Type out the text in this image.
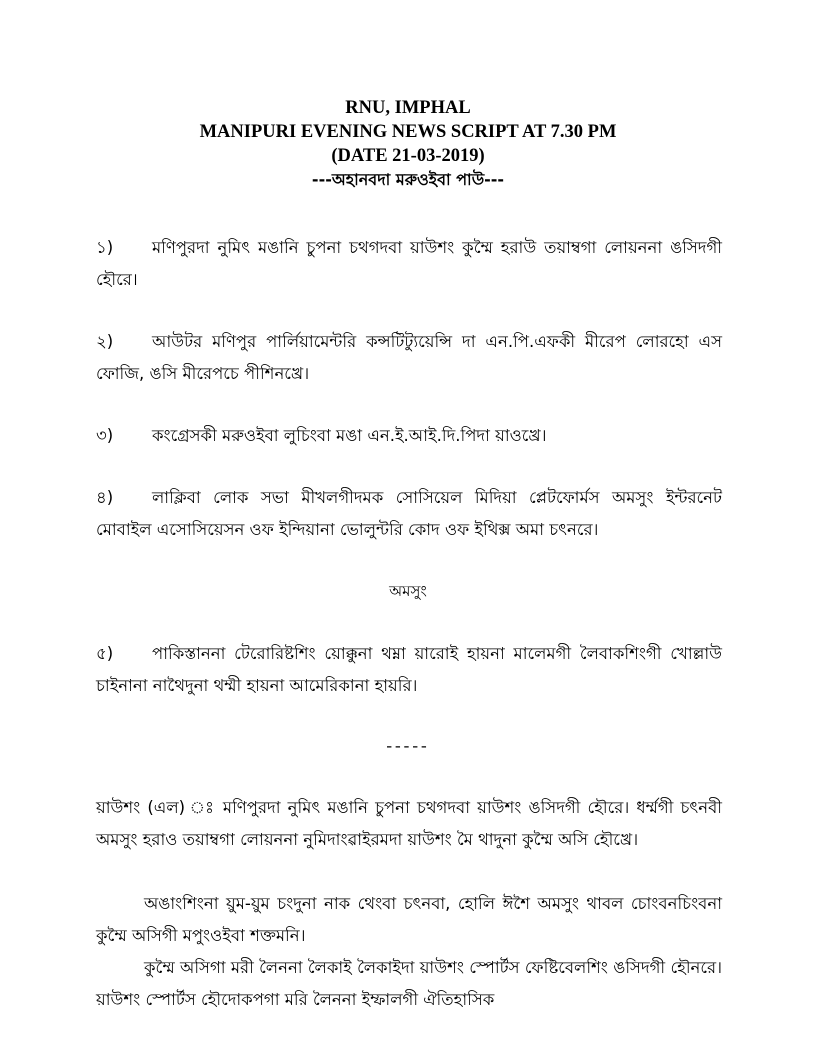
RNU, IMPHAL
MANIPURI EVENING NEWS SCRIPT AT 7.30 PM
(DATE 21-03-2019)
---অহানবদা মরুওইবা পাউ---
১) মণিপুরদা নুমিৎ মঙানি চুপনা চথগদবা য়াউশং কুম্মৈ হরাউ তয়াম্বগা লোয়ননা ঙসিদগী হৌরে।
২) আউটর মণিপুর পার্লিয়ামেন্টরি কন্সটিট্যুয়েন্সি দা এন.পি.এফকী মীরেপ লোরহো এস ফোজি, ঙসি মীরেপচে পীশিনখ্রে।
৩) কংগ্রেসকী মরুওইবা লুচিংবা মঙা এন.ই.আই.দি.পিদা য়াওখ্রে।
৪) লাক্লিবা লোক সভা মীখলগীদমক সোসিয়েল মিদিয়া প্লেটফোর্মস অমসুং ইন্টরনেট মোবাইল এসোসিয়েসন ওফ ইন্দিয়ানা ভোলুন্টরি কোদ ওফ ইথিক্স অমা চৎনরে।
অমসুং
৫) পাকিস্তাননা টেরোরিষ্টশিং য়োক্কুনা থম্না য়ারোই হায়না মালেমগী লৈবাকশিংগী খোল্লাউ চাইনানা নাথৈদুনা থম্মী হায়না আমেরিকানা হায়রি।
-----
য়াউশং (এল) ঃ মণিপুরদা নুমিৎ মঙানি চুপনা চথগদবা য়াউশং ঙসিদগী হৌরে। ধর্ম্মগী চৎনবী অমসুং হরাও তয়াম্বগা লোয়ননা নুমিদাংৱাইরমদা য়াউশং মৈ থাদুনা কুম্মৈ অসি হৌখ্রে।
অঙাংশিংনা য়ুম-য়ুম চংদুনা নাক থেংবা চৎনবা, হোলি ঈশৈ অমসুং থাবল চোংবনচিংবনা কুম্মৈ অসিগী মপুংওইবা শক্তমনি।
কুম্মৈ অসিগা মরী লৈননা লৈকাই লৈকাইদা য়াউশং স্পোর্টস ফেষ্টিবেলশিং ঙসিদগী হৌনরে। য়াউশং স্পোর্টস হৌদোকপগা মরি লৈননা ইম্ফালগী ঐতিহাসিক
